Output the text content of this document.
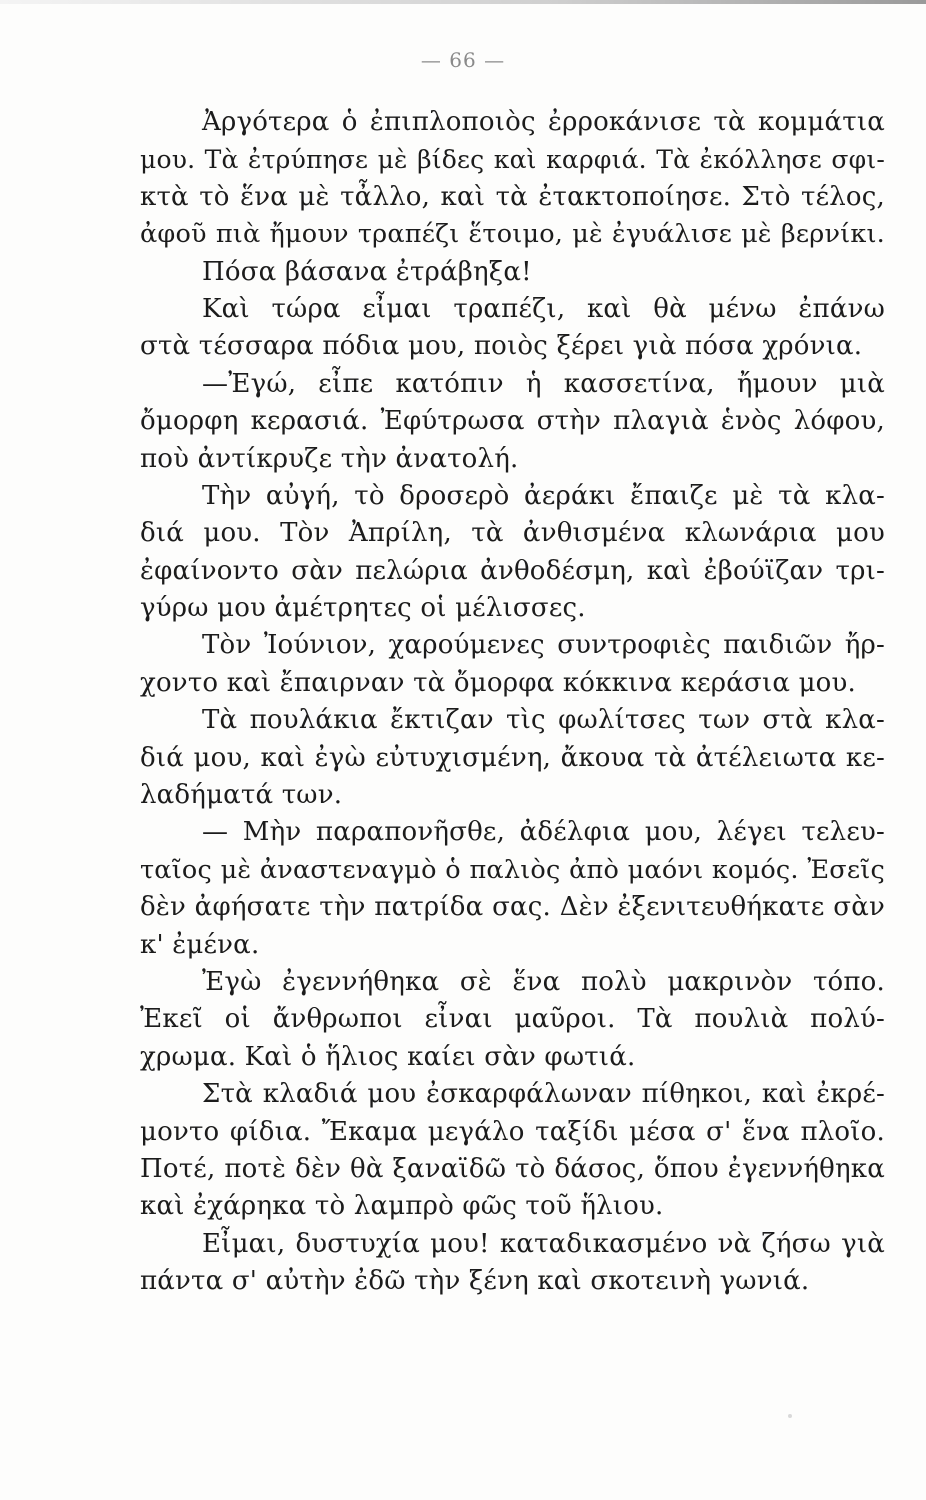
— 66 —
Ἀργότερα ὁ ἐπιπλοποιὸς ἐρροκάνισε τὰ κομμάτια
μου. Τὰ ἐτρύπησε μὲ βίδες καὶ καρφιά. Τὰ ἐκόλλησε σφι-
κτὰ τὸ ἕνα μὲ τἆλλο, καὶ τὰ ἐτακτοποίησε. Στὸ τέλος,
ἀφοῦ πιὰ ἤμουν τραπέζι ἕτοιμο, μὲ ἐγυάλισε μὲ βερνίκι.
Πόσα βάσανα ἐτράβηξα!
Καὶ τώρα εἶμαι τραπέζι, καὶ θὰ μένω ἐπάνω
στὰ τέσσαρα πόδια μου, ποιὸς ξέρει γιὰ πόσα χρόνια.
—Ἐγώ, εἶπε κατόπιν ἡ κασσετίνα, ἤμουν μιὰ
ὄμορφη κερασιά. Ἐφύτρωσα στὴν πλαγιὰ ἑνὸς λόφου,
ποὺ ἀντίκρυζε τὴν ἀνατολή.
Τὴν αὐγή, τὸ δροσερὸ ἀεράκι ἔπαιζε μὲ τὰ κλα-
διά μου. Τὸν Ἀπρίλη, τὰ ἀνθισμένα κλωνάρια μου
ἐφαίνοντο σὰν πελώρια ἀνθοδέσμη, καὶ ἐβούϊζαν τρι-
γύρω μου ἀμέτρητες οἱ μέλισσες.
Τὸν Ἰούνιον, χαρούμενες συντροφιὲς παιδιῶν ἤρ-
χοντο καὶ ἔπαιρναν τὰ ὄμορφα κόκκινα κεράσια μου.
Τὰ πουλάκια ἔκτιζαν τὶς φωλίτσες των στὰ κλα-
διά μου, καὶ ἐγὼ εὐτυχισμένη, ἄκουα τὰ ἀτέλειωτα κε-
λαδήματά των.
— Μὴν παραπονῆσθε, ἀδέλφια μου, λέγει τελευ-
ταῖος μὲ ἀναστεναγμὸ ὁ παλιὸς ἀπὸ μαόνι κομός. Ἐσεῖς
δὲν ἀφήσατε τὴν πατρίδα σας. Δὲν ἐξενιτευθήκατε σὰν
κ' ἐμένα.
Ἐγὼ ἐγεννήθηκα σὲ ἕνα πολὺ μακρινὸν τόπο.
Ἐκεῖ οἱ ἄνθρωποι εἶναι μαῦροι. Τὰ πουλιὰ πολύ-
χρωμα. Καὶ ὁ ἥλιος καίει σὰν φωτιά.
Στὰ κλαδιά μου ἐσκαρφάλωναν πίθηκοι, καὶ ἐκρέ-
μοντο φίδια. Ἔκαμα μεγάλο ταξίδι μέσα σ' ἕνα πλοῖο.
Ποτέ, ποτὲ δὲν θὰ ξαναϊδῶ τὸ δάσος, ὅπου ἐγεννήθηκα
καὶ ἐχάρηκα τὸ λαμπρὸ φῶς τοῦ ἥλιου.
Εἶμαι, δυστυχία μου! καταδικασμένο νὰ ζήσω γιὰ
πάντα σ' αὐτὴν ἐδῶ τὴν ξένη καὶ σκοτεινὴ γωνιά.
